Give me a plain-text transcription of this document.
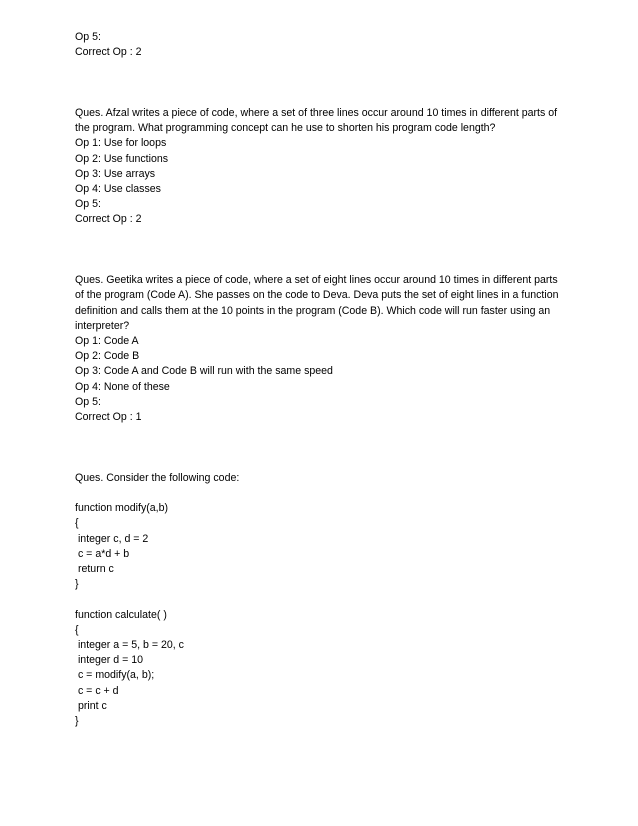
Op 5:
Correct Op : 2
Ques. Afzal writes a piece of code, where a set of three lines occur around 10 times in different parts of the program. What programming concept can he use to shorten his program code length?
Op 1: Use for loops
Op 2: Use functions
Op 3: Use arrays
Op 4: Use classes
Op 5:
Correct Op : 2
Ques. Geetika writes a piece of code, where a set of eight lines occur around 10 times in different parts of the program (Code A). She passes on the code to Deva. Deva puts the set of eight lines in a function definition and calls them at the 10 points in the program (Code B). Which code will run faster using an interpreter?
Op 1: Code A
Op 2: Code B
Op 3: Code A and Code B will run with the same speed
Op 4: None of these
Op 5:
Correct Op : 1
Ques. Consider the following code:
function modify(a,b)
{
integer c, d = 2
c = a*d + b
return c
}
function calculate( )
{
integer a = 5, b = 20, c
integer d = 10
c = modify(a, b);
c = c + d
print c
}
